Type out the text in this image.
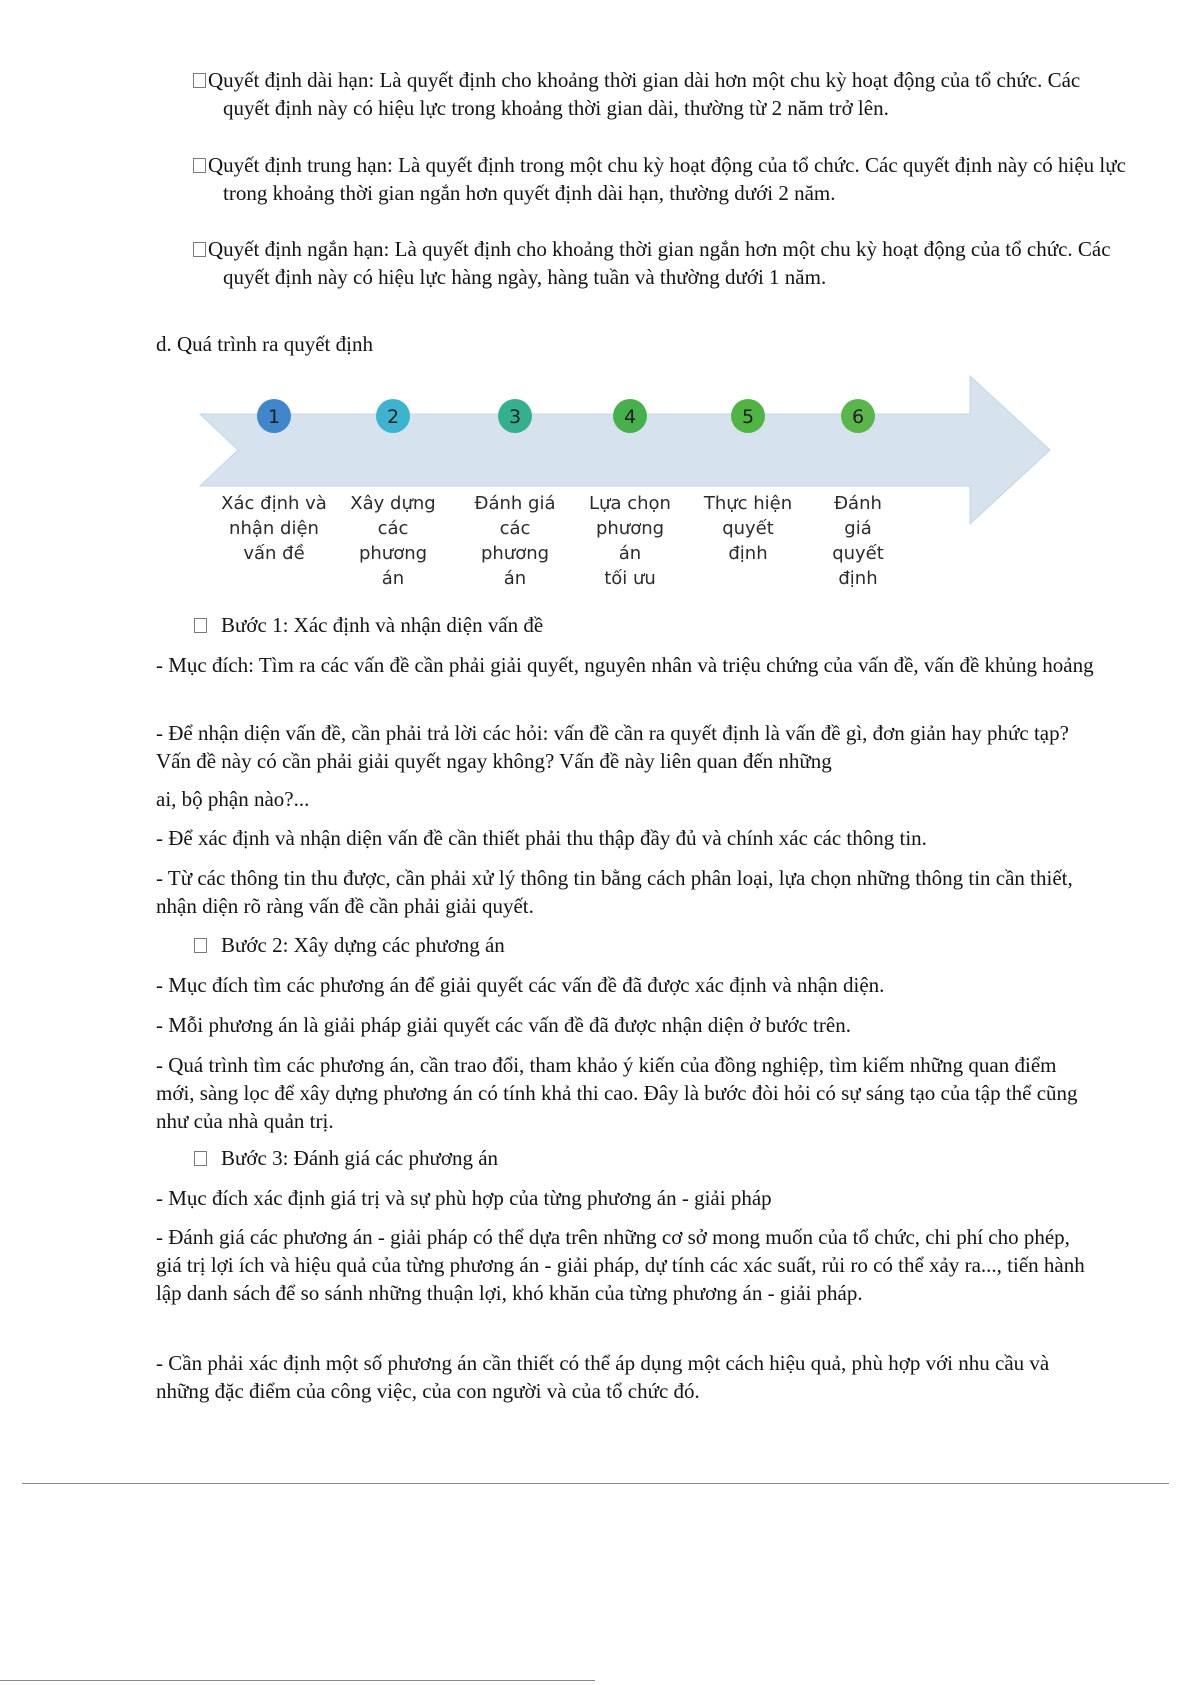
Quyết định dài hạn: Là quyết định cho khoảng thời gian dài hơn một chu kỳ hoạt động của tổ chức. Các quyết định này có hiệu lực trong khoảng thời gian dài, thường từ 2 năm trở lên.
Quyết định trung hạn: Là quyết định trong một chu kỳ hoạt động của tổ chức. Các quyết định này có hiệu lực trong khoảng thời gian ngắn hơn quyết định dài hạn, thường dưới 2 năm.
Quyết định ngắn hạn: Là quyết định cho khoảng thời gian ngắn hơn một chu kỳ hoạt động của tổ chức. Các quyết định này có hiệu lực hàng ngày, hàng tuần và thường dưới 1 năm.
d. Quá trình ra quyết định
1
Xác định và
nhận diện
vấn đề
2
Xây dựng
các
phương
án
3
Đánh giá
các
phương
án
4
Lựa chọn
phương
án
tối ưu
5
Thực hiện
quyết
định
6
Đánh
giá
quyết
định
Bước 1: Xác định và nhận diện vấn đề
- Mục đích: Tìm ra các vấn đề cần phải giải quyết, nguyên nhân và triệu chứng của vấn đề, vấn đề khủng hoảng
- Để nhận diện vấn đề, cần phải trả lời các hỏi: vấn đề cần ra quyết định là vấn đề gì, đơn giản hay phức tạp? Vấn đề này có cần phải giải quyết ngay không? Vấn đề này liên quan đến những
ai, bộ phận nào?...
- Để xác định và nhận diện vấn đề cần thiết phải thu thập đầy đủ và chính xác các thông tin.
- Từ các thông tin thu được, cần phải xử lý thông tin bằng cách phân loại, lựa chọn những thông tin cần thiết, nhận diện rõ ràng vấn đề cần phải giải quyết.
Bước 2: Xây dựng các phương án
- Mục đích tìm các phương án để giải quyết các vấn đề đã được xác định và nhận diện.
- Mỗi phương án là giải pháp giải quyết các vấn đề đã được nhận diện ở bước trên.
- Quá trình tìm các phương án, cần trao đổi, tham khảo ý kiến của đồng nghiệp, tìm kiếm những quan điểm mới, sàng lọc để xây dựng phương án có tính khả thi cao. Đây là bước đòi hỏi có sự sáng tạo của tập thể cũng như của nhà quản trị.
Bước 3: Đánh giá các phương án
- Mục đích xác định giá trị và sự phù hợp của từng phương án - giải pháp
- Đánh giá các phương án - giải pháp có thể dựa trên những cơ sở mong muốn của tổ chức, chi phí cho phép, giá trị lợi ích và hiệu quả của từng phương án - giải pháp, dự tính các xác suất, rủi ro có thể xảy ra..., tiến hành lập danh sách để so sánh những thuận lợi, khó khăn của từng phương án - giải pháp.
- Cần phải xác định một số phương án cần thiết có thể áp dụng một cách hiệu quả, phù hợp với nhu cầu và những đặc điểm của công việc, của con người và của tổ chức đó.
